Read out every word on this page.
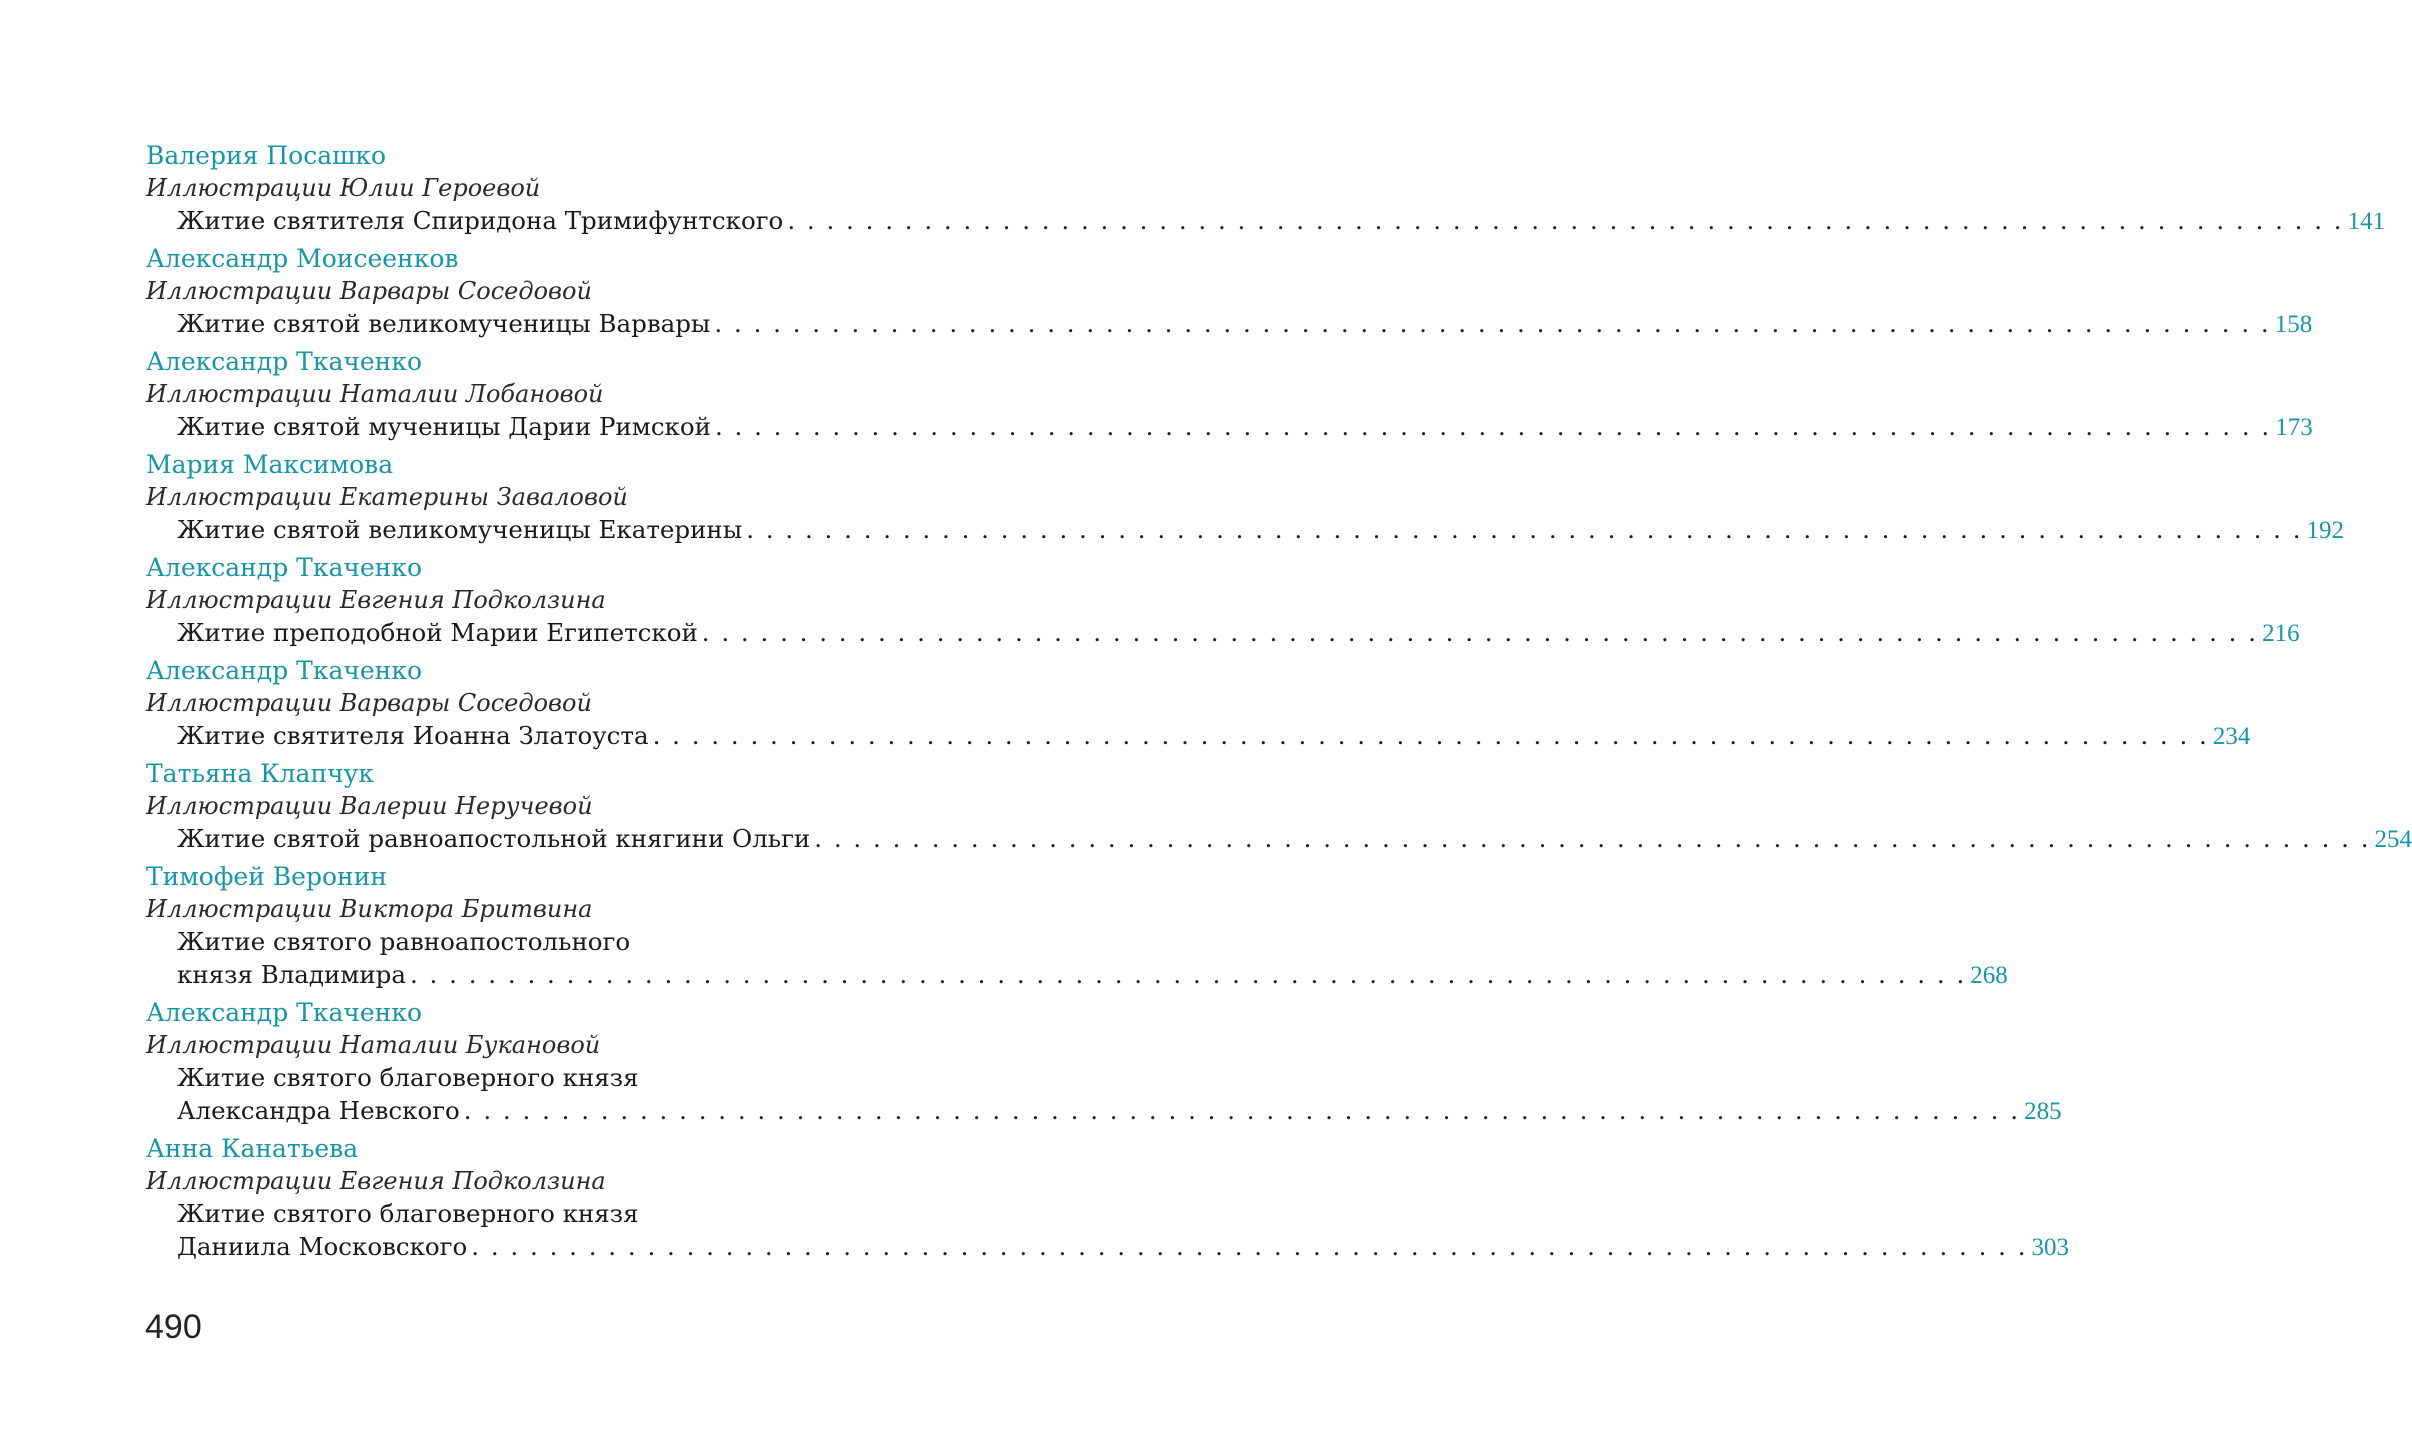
Валерия Посашко
Иллюстрации Юлии Героевой
Житие святителя Спиридона Тримифунтского . . . . . . . . . . . . . . . . . . . . . . . . . . . . . . . . . . . . . . . . . . . . . . . . . . . . . . . . . . . . . . . . . . . . . . . . . . . . . . . . 141
Александр Моисеенков
Иллюстрации Варвары Соседовой
Житие святой великомученицы Варвары . . . . . . . . . . . . . . . . . . . . . . . . . . . . . . . . . . . . . . . . . . . . . . . . . . . . . . . . . . . . . . . . . . . . . . . . . . . . . . . . 158
Александр Ткаченко
Иллюстрации Наталии Лобановой
Житие святой мученицы Дарии Римской . . . . . . . . . . . . . . . . . . . . . . . . . . . . . . . . . . . . . . . . . . . . . . . . . . . . . . . . . . . . . . . . . . . . . . . . . . . . . . . . 173
Мария Максимова
Иллюстрации Екатерины Заваловой
Житие святой великомученицы Екатерины . . . . . . . . . . . . . . . . . . . . . . . . . . . . . . . . . . . . . . . . . . . . . . . . . . . . . . . . . . . . . . . . . . . . . . . . . . . . . . . . 192
Александр Ткаченко
Иллюстрации Евгения Подколзина
Житие преподобной Марии Египетской . . . . . . . . . . . . . . . . . . . . . . . . . . . . . . . . . . . . . . . . . . . . . . . . . . . . . . . . . . . . . . . . . . . . . . . . . . . . . . . . 216
Александр Ткаченко
Иллюстрации Варвары Соседовой
Житие святителя Иоанна Златоуста . . . . . . . . . . . . . . . . . . . . . . . . . . . . . . . . . . . . . . . . . . . . . . . . . . . . . . . . . . . . . . . . . . . . . . . . . . . . . . . . 234
Татьяна Клапчук
Иллюстрации Валерии Неручевой
Житие святой равноапостольной княгини Ольги . . . . . . . . . . . . . . . . . . . . . . . . . . . . . . . . . . . . . . . . . . . . . . . . . . . . . . . . . . . . . . . . . . . . . . . . . . . . . . . . 254
Тимофей Веронин
Иллюстрации Виктора Бритвина
Житие святого равноапостольного
князя Владимира . . . . . . . . . . . . . . . . . . . . . . . . . . . . . . . . . . . . . . . . . . . . . . . . . . . . . . . . . . . . . . . . . . . . . . . . . . . . . . . . 268
Александр Ткаченко
Иллюстрации Наталии Букановой
Житие святого благоверного князя
Александра Невского . . . . . . . . . . . . . . . . . . . . . . . . . . . . . . . . . . . . . . . . . . . . . . . . . . . . . . . . . . . . . . . . . . . . . . . . . . . . . . . . 285
Анна Канатьева
Иллюстрации Евгения Подколзина
Житие святого благоверного князя
Даниила Московского . . . . . . . . . . . . . . . . . . . . . . . . . . . . . . . . . . . . . . . . . . . . . . . . . . . . . . . . . . . . . . . . . . . . . . . . . . . . . . . . 303
490
